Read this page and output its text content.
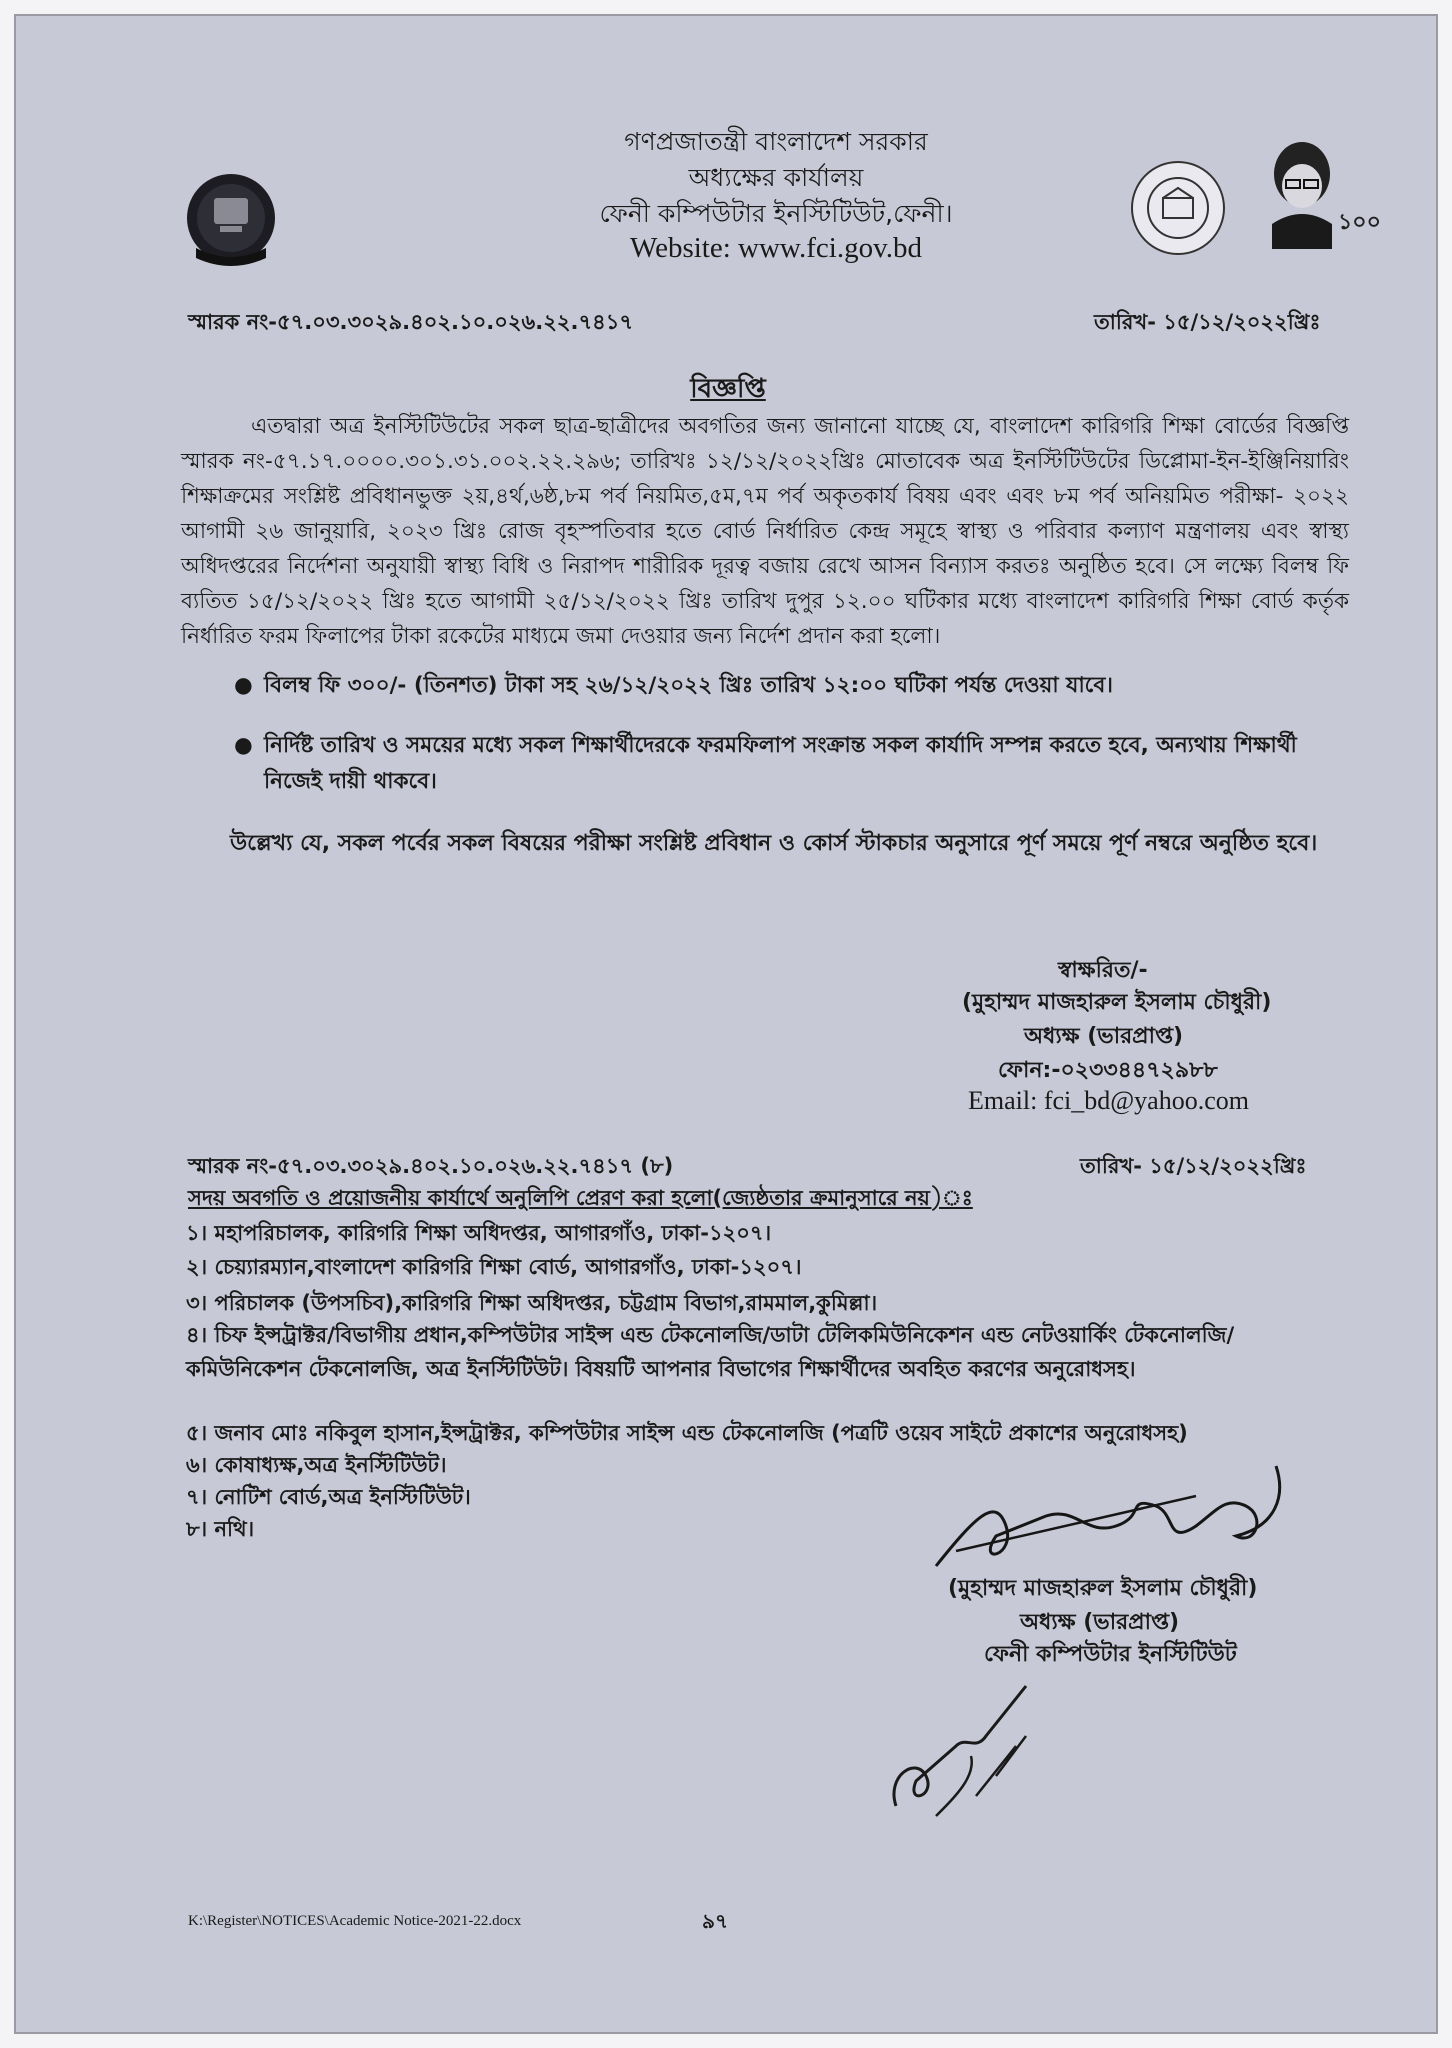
গণপ্রজাতন্ত্রী বাংলাদেশ সরকার
অধ্যক্ষের কার্যালয়
ফেনী কম্পিউটার ইনস্টিটিউট,ফেনী।
Website: www.fci.gov.bd
১০০
স্মারক নং-৫৭.০৩.৩০২৯.৪০২.১০.০২৬.২২.৭৪১৭	তারিখ- ১৫/১২/২০২২খ্রিঃ
বিজ্ঞপ্তি
এতদ্বারা অত্র ইনস্টিটিউটের সকল ছাত্র-ছাত্রীদের অবগতির জন্য জানানো যাচ্ছে যে, বাংলাদেশ কারিগরি শিক্ষা বোর্ডের বিজ্ঞপ্তি স্মারক নং-৫৭.১৭.০০০০.৩০১.৩১.০০২.২২.২৯৬; তারিখঃ ১২/১২/২০২২খ্রিঃ মোতাবেক অত্র ইনস্টিটিউটের ডিপ্লোমা-ইন-ইঞ্জিনিয়ারিং শিক্ষাক্রমের সংশ্লিষ্ট প্রবিধানভুক্ত ২য়,৪র্থ,৬ষ্ঠ,৮ম পর্ব নিয়মিত,৫ম,৭ম পর্ব অকৃতকার্য বিষয় এবং এবং ৮ম পর্ব অনিয়মিত পরীক্ষা- ২০২২ আগামী ২৬ জানুয়ারি, ২০২৩ খ্রিঃ রোজ বৃহস্পতিবার হতে বোর্ড নির্ধারিত কেন্দ্র সমূহে স্বাস্থ্য ও পরিবার কল্যাণ মন্ত্রণালয় এবং স্বাস্থ্য অধিদপ্তরের নির্দেশনা অনুযায়ী স্বাস্থ্য বিধি ও নিরাপদ শারীরিক দূরত্ব বজায় রেখে আসন বিন্যাস করতঃ অনুষ্ঠিত হবে। সে লক্ষ্যে বিলম্ব ফি ব্যতিত ১৫/১২/২০২২ খ্রিঃ হতে আগামী ২৫/১২/২০২২ খ্রিঃ তারিখ দুপুর ১২.০০ ঘটিকার মধ্যে বাংলাদেশ কারিগরি শিক্ষা বোর্ড কর্তৃক নির্ধারিত ফরম ফিলাপের টাকা রকেটের মাধ্যমে জমা দেওয়ার জন্য নির্দেশ প্রদান করা হলো।
● বিলম্ব ফি ৩০০/- (তিনশত) টাকা সহ ২৬/১২/২০২২ খ্রিঃ তারিখ ১২:০০ ঘটিকা পর্যন্ত দেওয়া যাবে।
● নির্দিষ্ট তারিখ ও সময়ের মধ্যে সকল শিক্ষার্থীদেরকে ফরমফিলাপ সংক্রান্ত সকল কার্যাদি সম্পন্ন করতে হবে, অন্যথায় শিক্ষার্থী নিজেই দায়ী থাকবে।
উল্লেখ্য যে, সকল পর্বের সকল বিষয়ের পরীক্ষা সংশ্লিষ্ট প্রবিধান ও কোর্স স্টাকচার অনুসারে পূর্ণ সময়ে পূর্ণ নম্বরে অনুষ্ঠিত হবে।
স্বাক্ষরিত/-
(মুহাম্মদ মাজহারুল ইসলাম চৌধুরী)
অধ্যক্ষ (ভারপ্রাপ্ত)
ফোন:-০২৩৩৪৪৭২৯৮৮
Email: fci_bd@yahoo.com
স্মারক নং-৫৭.০৩.৩০২৯.৪০২.১০.০২৬.২২.৭৪১৭ (৮)	তারিখ- ১৫/১২/২০২২খ্রিঃ
সদয় অবগতি ও প্রয়োজনীয় কার্যার্থে অনুলিপি প্রেরণ করা হলো(জ্যেষ্ঠতার ক্রমানুসারে নয়)ঃ
১। মহাপরিচালক, কারিগরি শিক্ষা অধিদপ্তর, আগারগাঁও, ঢাকা-১২০৭।
২। চেয়্যারম্যান,বাংলাদেশ কারিগরি শিক্ষা বোর্ড, আগারগাঁও, ঢাকা-১২০৭।
৩। পরিচালক (উপসচিব),কারিগরি শিক্ষা অধিদপ্তর, চট্টগ্রাম বিভাগ,রামমাল,কুমিল্লা।
৪। চিফ ইন্সট্রাক্টর/বিভাগীয় প্রধান,কম্পিউটার সাইন্স এন্ড টেকনোলজি/ডাটা টেলিকমিউনিকেশন এন্ড নেটওয়ার্কিং টেকনোলজি/কমিউনিকেশন টেকনোলজি, অত্র ইনস্টিটিউট। বিষয়টি আপনার বিভাগের শিক্ষার্থীদের অবহিত করণের অনুরোধসহ।
৫। জনাব মোঃ নকিবুল হাসান,ইন্সট্রাক্টর, কম্পিউটার সাইন্স এন্ড টেকনোলজি (পত্রটি ওয়েব সাইটে প্রকাশের অনুরোধসহ)
৬। কোষাধ্যক্ষ,অত্র ইনস্টিটিউট।
৭। নোটিশ বোর্ড,অত্র ইনস্টিটিউট।
৮। নথি।
(মুহাম্মদ মাজহারুল ইসলাম চৌধুরী)
অধ্যক্ষ (ভারপ্রাপ্ত)
ফেনী কম্পিউটার ইনস্টিটিউট
K:\Register\NOTICES\Academic Notice-2021-22.docx	৯৭
